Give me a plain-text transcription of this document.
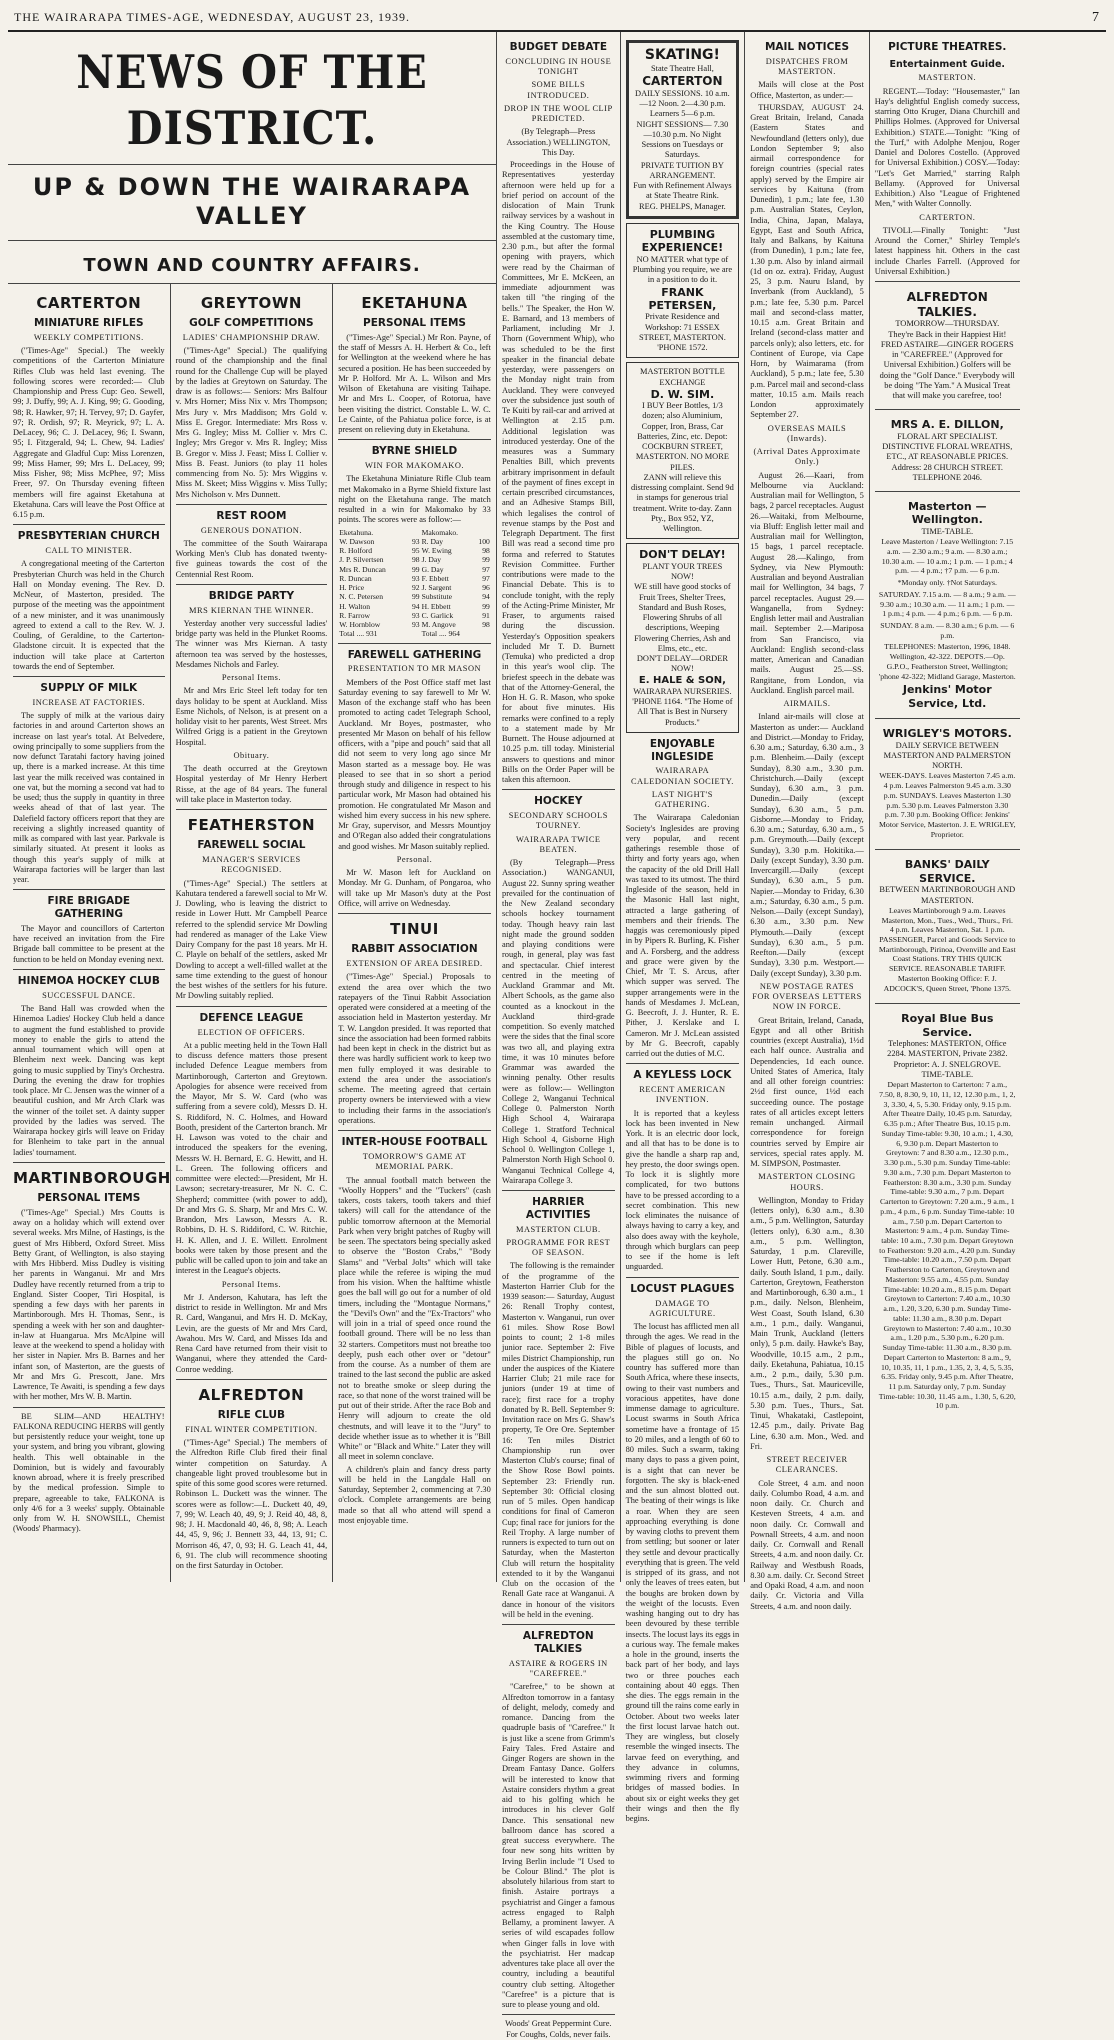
THE WAIRARAPA TIMES-AGE, WEDNESDAY, AUGUST 23, 1939.	7
NEWS OF THE DISTRICT.
UP & DOWN THE WAIRARAPA VALLEY
TOWN AND COUNTRY AFFAIRS.
CARTERTON
MINIATURE RIFLES
WEEKLY COMPETITIONS.

("Times-Age" Special.) The weekly competitions of the Carterton Miniature Rifles Club was held last evening. The following scores were recorded:— Club Championship and Press Cup: Geo. Sewell, 99; J. Duffy, 99; A. J. King, 99; G. Gooding, 98; R. Hawker, 97; H. Tervey, 97; D. Gayfer, 97; R. Ordish, 97; R. Meyrick, 97; L. A. DeLacey, 96; C. J. DeLacey, 96; I. Swann, 95; I. Fitzgerald, 94; L. Chew, 94. Ladies' Aggregate and Gladful Cup: Miss Lorenzen, 99; Miss Hamer, 99; Mrs L. DeLacey, 99; Miss Fisher, 98; Miss McPhee, 97; Miss Freer, 97. On Thursday evening fifteen members will fire against Eketahuna at Eketahuna. Cars will leave the Post Office at 6.15 p.m.

PRESBYTERIAN CHURCH
CALL TO MINISTER.

A congregational meeting of the Carterton Presbyterian Church was held in the Church Hall on Monday evening. The Rev. D. McNeur, of Masterton, presided. The purpose of the meeting was the appointment of a new minister, and it was unanimously agreed to extend a call to the Rev. W. J. Couling, of Geraldine, to the Carterton-Gladstone circuit. It is expected that the induction will take place at Carterton towards the end of September.

SUPPLY OF MILK
INCREASE AT FACTORIES.

The supply of milk at the various dairy factories in and around Carterton shows an increase on last year's total. At Belvedere, owing principally to some suppliers from the now defunct Taratahi factory having joined up, there is a marked increase. At this time last year the milk received was contained in one vat, but the morning a second vat had to be used; thus the supply in quantity in three weeks ahead of that of last year. The Dalefield factory officers report that they are receiving a slightly increased quantity of milk as compared with last year. Parkvale is similarly situated. At present it looks as though this year's supply of milk at Wairarapa factories will be larger than last year.

FIRE BRIGADE GATHERING

The Mayor and councillors of Carterton have received an invitation from the Fire Brigade ball committee to be present at the function to be held on Monday evening next.

HINEMOA HOCKEY CLUB
SUCCESSFUL DANCE.

The Band Hall was crowded when the Hinemoa Ladies' Hockey Club held a dance to augment the fund established to provide money to enable the girls to attend the annual tournament which will open at Blenheim next week. Dancing was kept going to music supplied by Tiny's Orchestra. During the evening the draw for trophies took place. Mr C. Jensen was the winner of a beautiful cushion, and Mr Arch Clark was the winner of the toilet set. A dainty supper provided by the ladies was served. The Wairarapa hockey girls will leave on Friday for Blenheim to take part in the annual ladies' tournament.

MARTINBOROUGH
PERSONAL ITEMS

("Times-Age" Special.) Mrs Coutts is away on a holiday which will extend over several weeks. Mrs Milne, of Hastings, is the guest of Mrs Hibberd, Oxford Street. Miss Betty Grant, of Wellington, is also staying with Mrs Hibberd. Miss Dudley is visiting her parents in Wanganui. Mr and Mrs Dudley have recently returned from a trip to England. Sister Cooper, Tiri Hospital, is spending a few days with her parents in Martinborough. Mrs H. Thomas, Senr., is spending a week with her son and daughter-in-law at Huangarua. Mrs McAlpine will leave at the weekend to spend a holiday with her sister in Napier. Mrs B. Barnes and her infant son, of Masterton, are the guests of Mr and Mrs G. Prescott, Jane. Mrs Lawrence, Te Awaiti, is spending a few days with her mother, Mrs W. B. Martin.

BE SLIM—AND HEALTHY! FALKONA REDUCING HERBS will gently but persistently reduce your weight, tone up your system, and bring you vibrant, glowing health. This well obtainable in the Dominion, but is widely and favourably known abroad, where it is freely prescribed by the medical profession. Simple to prepare, agreeable to take, FALKONA is only 4/6 for a 3 weeks' supply. Obtainable only from W. H. SNOWSILL, Chemist (Woods' Pharmacy).

GREYTOWN
GOLF COMPETITIONS
LADIES' CHAMPIONSHIP DRAW.

("Times-Age" Special.) The qualifying round of the championship and the final round for the Challenge Cup will be played by the ladies at Greytown on Saturday. The draw is as follows:— Seniors: Mrs Balfour v. Mrs Horner; Miss Nix v. Mrs Thompson; Mrs Jury v. Mrs Maddison; Mrs Gold v. Miss E. Gregor. Intermediate: Mrs Ross v. Mrs G. Ingley; Miss M. Collier v. Mrs C. Ingley; Mrs Gregor v. Mrs R. Ingley; Miss B. Gregor v. Miss J. Feast; Miss I. Collier v. Miss B. Feast. Juniors (to play 11 holes commencing from No. 5): Mrs Wiggins v. Miss M. Skeet; Miss Wiggins v. Miss Tully; Mrs Nicholson v. Mrs Dunnett.

REST ROOM
GENEROUS DONATION.

The committee of the South Wairarapa Working Men's Club has donated twenty-five guineas towards the cost of the Centennial Rest Room.

BRIDGE PARTY
MRS KIERNAN THE WINNER.

Yesterday another very successful ladies' bridge party was held in the Plunket Rooms. The winner was Mrs Kiernan. A tasty afternoon tea was served by the hostesses, Mesdames Nichols and Farley.

Personal Items.

Mr and Mrs Eric Steel left today for ten days holiday to be spent at Auckland. Miss Esme Nichols, of Nelson, is at present on a holiday visit to her parents, West Street. Mrs Wilfred Grigg is a patient in the Greytown Hospital.

Obituary.

The death occurred at the Greytown Hospital yesterday of Mr Henry Herbert Risse, at the age of 84 years. The funeral will take place in Masterton today.

FEATHERSTON
FAREWELL SOCIAL
MANAGER'S SERVICES RECOGNISED.

("Times-Age" Special.) The settlers at Kahutara tendered a farewell social to Mr W. J. Dowling, who is leaving the district to reside in Lower Hutt. Mr Campbell Pearce referred to the splendid service Mr Dowling had rendered as manager of the Lake View Dairy Company for the past 18 years. Mr H. C. Playle on behalf of the settlers, asked Mr Dowling to accept a well-filled wallet at the same time extending to the guest of honour the best wishes of the settlers for his future. Mr Dowling suitably replied.

DEFENCE LEAGUE
ELECTION OF OFFICERS.

At a public meeting held in the Town Hall to discuss defence matters those present included Defence League members from Martinborough, Carterton and Greytown. Apologies for absence were received from the Mayor, Mr S. W. Card (who was suffering from a severe cold), Messrs D. H. S. Riddiford, N. C. Holmes, and Howard Booth, president of the Carterton branch. Mr H. Lawson was voted to the chair and introduced the speakers for the evening, Messrs W. H. Bernard, E. G. Hewitt, and H. L. Green. The following officers and committee were elected:—President, Mr H. Lawson; secretary-treasurer, Mr N. C. C. Shepherd; committee (with power to add), Dr and Mrs G. S. Sharp, Mr and Mrs C. W. Brandon, Mrs Lawson, Messrs A. R. Robbins, D. H. S. Riddiford, C. W. Ritchie, H. K. Allen, and J. E. Willett. Enrolment books were taken by those present and the public will be called upon to join and take an interest in the League's objects.

Personal Items.

Mr J. Anderson, Kahutara, has left the district to reside in Wellington. Mr and Mrs R. Card, Wanganui, and Mrs H. D. McKay, Levin, are the guests of Mr and Mrs Card, Awahou. Mrs W. Card, and Misses Ida and Rena Card have returned from their visit to Wanganui, where they attended the Card-Conroe wedding.

ALFREDTON
RIFLE CLUB
FINAL WINTER COMPETITION.

("Times-Age" Special.) The members of the Alfredton Rifle Club fired their final winter competition on Saturday. A changeable light proved troublesome but in spite of this some good scores were returned. Robinson L. Duckett was the winner. The scores were as follow:—L. Duckett 40, 49, 7, 99; W. Leach 40, 49, 9; J. Reid 40, 48, 8, 98; J. H. Macdonald 40, 46, 8, 98; A. Leach 44, 45, 9, 96; J. Bennett 33, 44, 13, 91; C. Morrison 46, 47, 0, 93; H. G. Leach 41, 44, 6, 91. The club will recommence shooting on the first Saturday in October.

EKETAHUNA
PERSONAL ITEMS

("Times-Age" Special.) Mr Ron. Payne, of the staff of Messrs A. H. Herbert & Co., left for Wellington at the weekend where he has secured a position. He has been succeeded by Mr P. Holford. Mr A. L. Wilson and Mrs Wilson of Eketahuna are visiting Taihape. Mr and Mrs L. Cooper, of Rotorua, have been visiting the district. Constable L. W. C. Le Cainte, of the Pahiatua police force, is at present on relieving duty in Eketahuna.

BYRNE SHIELD
WIN FOR MAKOMAKO.

The Eketahuna Miniature Rifle Club team met Makomako in a Byrne Shield fixture last night on the Eketahuna range. The match resulted in a win for Makomako by 33 points. The scores were as follow:—

Eketahuna.		Makomako.	
W. Dawson	93	R. Day	100
R. Holford	95	W. Ewing	98
J. P. Silvertsen	98	J. Day	99
Mrs R. Duncan	99	G. Day	97
R. Duncan	93	F. Ebbett	97
H. Price	92	J. Sargent	96
N. C. Petersen	99	Substitute	94
H. Walton	94	H. Ebbett	99
R. Farrow	93	C. Garlick	91
W. Hornblow	93	M. Angove	98
Total .... 931		Total .... 964	
FAREWELL GATHERING
PRESENTATION TO MR MASON

Members of the Post Office staff met last Saturday evening to say farewell to Mr W. Mason of the exchange staff who has been promoted to acting cadet Telegraph School, Auckland. Mr Boyes, postmaster, who presented Mr Mason on behalf of his fellow officers, with a "pipe and pouch" said that all did not seem to very long ago since Mr Mason started as a message boy. He was pleased to see that in so short a period through study and diligence in respect to his particular work, Mr Mason had obtained his promotion. He congratulated Mr Mason and wished him every success in his new sphere. Mr Gray, supervisor, and Messrs Mountjoy and O'Regan also added their congratulations and good wishes. Mr Mason suitably replied.

Personal.

Mr W. Mason left for Auckland on Monday. Mr G. Dunham, of Pongaroa, who will take up Mr Mason's duty at the Post Office, will arrive on Wednesday.

TINUI
RABBIT ASSOCIATION
EXTENSION OF AREA DESIRED.

("Times-Age" Special.) Proposals to extend the area over which the two ratepayers of the Tinui Rabbit Association operated were considered at a meeting of the association held in Masterton yesterday. Mr T. W. Langdon presided. It was reported that since the association had been formed rabbits had been kept in check in the district but as there was hardly sufficient work to keep two men fully employed it was desirable to extend the area under the association's scheme. The meeting agreed that certain property owners be interviewed with a view to including their farms in the association's operations.

INTER-HOUSE FOOTBALL
TOMORROW'S GAME AT MEMORIAL PARK.

The annual football match between the "Woolly Hoppers" and the "Tuckers" (cash takers, costs takers, tooth takers and thief takers) will call for the attendance of the public tomorrow afternoon at the Memorial Park when very bright patches of Rugby will be seen. The spectators being specially asked to observe the "Boston Crabs," "Body Slams" and "Verbal Jolts" which will take place while the referee is wiping the mud from his vision. When the halftime whistle goes the ball will go out for a number of old timers, including the "Montague Normans," the "Devil's Own" and the "Ex-Tractors" who will join in a trial of speed once round the football ground. There will be no less than 32 starters. Competitors must not breathe too deeply, push each other over or "detour" from the course. As a number of them are trained to the last second the public are asked not to breathe smoke or sleep during the race, so that none of the worst trained will be put out of their stride. After the race Bob and Henry will adjourn to create the old chestnuts, and will leave it to the "Jury" to decide whether issue as to whether it is "Bill White" or "Black and White." Later they will all meet in solemn conclave.

A children's plain and fancy dress party will be held in the Langdale Hall on Saturday, September 2, commencing at 7.30 o'clock. Complete arrangements are being made so that all who attend will spend a most enjoyable time.

BUDGET DEBATE
CONCLUDING IN HOUSE TONIGHT
SOME BILLS INTRODUCED.
DROP IN THE WOOL CLIP PREDICTED.

(By Telegraph—Press Association.) WELLINGTON, This Day.

Proceedings in the House of Representatives yesterday afternoon were held up for a brief period on account of the dislocation of Main Trunk railway services by a washout in the King Country. The House assembled at the customary time, 2.30 p.m., but after the formal opening with prayers, which were read by the Chairman of Committees, Mr E. McKeen, an immediate adjournment was taken till "the ringing of the bells." The Speaker, the Hon W. E. Barnard, and 13 members of Parliament, including Mr J. Thorn (Government Whip), who was scheduled to be the first speaker in the financial debate yesterday, were passengers on the Monday night train from Auckland. They were conveyed over the subsidence just south of Te Kuiti by rail-car and arrived at Wellington at 2.15 p.m. Additional legislation was introduced yesterday. One of the measures was a Summary Penalties Bill, which prevents arbitrary imprisonment in default of the payment of fines except in certain prescribed circumstances, and an Adhesive Stamps Bill, which legalises the control of revenue stamps by the Post and Telegraph Department. The first Bill was read a second time pro forma and referred to Statutes Revision Committee. Further contributions were made to the Financial Debate. This is to conclude tonight, with the reply of the Acting-Prime Minister, Mr Fraser, to arguments raised during the discussion. Yesterday's Opposition speakers included Mr T. D. Burnett (Temuka) who predicted a drop in this year's wool clip. The briefest speech in the debate was that of the Attorney-General, the Hon H. G. R. Mason, who spoke for about five minutes. His remarks were confined to a reply to a statement made by Mr Burnett. The House adjourned at 10.25 p.m. till today. Ministerial answers to questions and minor Bills on the Order Paper will be taken this afternoon.

HOCKEY
SECONDARY SCHOOLS TOURNEY.
WAIRARAPA TWICE BEATEN.

(By Telegraph—Press Association.) WANGANUI, August 22. Sunny spring weather prevailed for the continuation of the New Zealand secondary schools hockey tournament today. Though heavy rain last night made the ground sodden and playing conditions were rough, in general, play was fast and spectacular. Chief interest centred in the meeting of Auckland Grammar and Mt. Albert Schools, as the game also counted as a knockout in the Auckland third-grade competition. So evenly matched were the sides that the final score was two all, and playing extra time, it was 10 minutes before Grammar was awarded the winning penalty. Other results were as follow:— Wellington College 2, Wanganui Technical College 0. Palmerston North High School 4, Wairarapa College 1. Stratford Technical High School 4, Gisborne High School 0. Wellington College 1, Palmerston North High School 0. Wanganui Technical College 4, Wairarapa College 3.

HARRIER ACTIVITIES
MASTERTON CLUB.
PROGRAMME FOR REST OF SEASON.

The following is the remainder of the programme of the Masterton Harrier Club for the 1939 season:— Saturday, August 26: Renall Trophy contest, Masterton v. Wanganui, run over 61 miles. Show Rose Bowl points to count; 2 1-8 miles junior race. September 2: Five miles District Championship, run under the auspices of the Kiatere Harrier Club; 21 mile race for juniors (under 19 at time of race); first race for a trophy donated by R. Bell. September 9: Invitation race on Mrs G. Shaw's property, Te Ore Ore. September 16: Ten miles District Championship run over Masterton Club's course; final of the Show Rose Bowl points. September 23: Friendly run. September 30: Official closing run of 5 miles. Open handicap conditions for final of Cameron Cup; final race for juniors for the Reil Trophy. A large number of runners is expected to turn out on Saturday, when the Masterton Club will return the hospitality extended to it by the Wanganui Club on the occasion of the Renall Gate race at Wanganui. A dance in honour of the visitors will be held in the evening.

ALFREDTON TALKIES
ASTAIRE & ROGERS IN "CAREFREE."

"Carefree," to be shown at Alfredton tomorrow in a fantasy of delight, melody, comedy and romance. Dancing from the quadruple basis of "Carefree." It is just like a scene from Grimm's Fairy Tales. Fred Astaire and Ginger Rogers are shown in the Dream Fantasy Dance. Golfers will be interested to know that Astaire considers rhythm a great aid to his golfing which he introduces in his clever Golf Dance. This sensational new ballroom dance has scored a great success everywhere. The four new song hits written by Irving Berlin include "I Used to be Colour Blind." The plot is absolutely hilarious from start to finish. Astaire portrays a psychiatrist and Ginger a famous actress engaged to Ralph Bellamy, a prominent lawyer. A series of wild escapades follow when Ginger falls in love with the psychiatrist. Her madcap adventures take place all over the country, including a beautiful country club setting. Altogether "Carefree" is a picture that is sure to please young and old.

Woods' Great Peppermint Cure. For Coughs, Colds, never fails.

SKATING!
State Theatre Hall,
CARTERTON
DAILY SESSIONS. 10 a.m.—12 Noon. 2—4.30 p.m. Learners 5—6 p.m.
NIGHT SESSIONS— 7.30—10.30 p.m. No Night Sessions on Tuesdays or Saturdays.
PRIVATE TUITION BY ARRANGEMENT.
Fun with Refinement Always at State Theatre Rink.
REG. PHELPS, Manager.
PLUMBING EXPERIENCE!
NO MATTER what type of Plumbing you require, we are in a position to do it.
FRANK PETERSEN,
Private Residence and Workshop: 71 ESSEX STREET, MASTERTON. 'PHONE 1572.
MASTERTON BOTTLE EXCHANGE
D. W. SIM.
I BUY Beer Bottles, 1/3 dozen; also Aluminium, Copper, Iron, Brass, Car Batteries, Zinc, etc. Depot: COCKBURN STREET, MASTERTON. NO MORE PILES.
ZANN will relieve this distressing complaint. Send 9d in stamps for generous trial treatment. Write to-day. Zann Pty., Box 952, YZ, Wellington.
DON'T DELAY!
PLANT YOUR TREES NOW!
WE still have good stocks of Fruit Trees, Shelter Trees, Standard and Bush Roses, Flowering Shrubs of all descriptions, Weeping Flowering Cherries, Ash and Elms, etc., etc.
DON'T DELAY—ORDER NOW!
E. HALE & SON,
WAIRARAPA NURSERIES. 'PHONE 1164. "The Home of All That is Best in Nursery Products."
ENJOYABLE INGLESIDE
WAIRARAPA CALEDONIAN SOCIETY.
LAST NIGHT'S GATHERING.

The Wairarapa Caledonian Society's Inglesides are proving very popular, and recent gatherings resemble those of thirty and forty years ago, when the capacity of the old Drill Hall was taxed to its utmost. The third Ingleside of the season, held in the Masonic Hall last night, attracted a large gathering of members and their friends. The haggis was ceremoniously piped in by Pipers R. Burling, K. Fisher and A. Forsberg, and the address and grace were given by the Chief, Mr T. S. Arcus, after which supper was served. The supper arrangements were in the hands of Mesdames J. McLean, G. Beecroft, J. J. Hunter, R. E. Pither, J. Kerslake and I. Cameron. Mr J. McLean assisted by Mr G. Beecroft, capably carried out the duties of M.C.

A KEYLESS LOCK
RECENT AMERICAN INVENTION.

It is reported that a keyless lock has been invented in New York. It is an electric door lock, and all that has to be done is to give the handle a sharp rap and, hey presto, the door swings open. To lock it is slightly more complicated, for two buttons have to be pressed according to a secret combination. This new lock eliminates the nuisance of always having to carry a key, and also does away with the keyhole, through which burglars can peep to see if the home is left unguarded.

LOCUST PLAGUES
DAMAGE TO AGRICULTURE.

The locust has afflicted men all through the ages. We read in the Bible of plagues of locusts, and the plagues still go on. No country has suffered more than South Africa, where these insects, owing to their vast numbers and voracious appetites, have done immense damage to agriculture. Locust swarms in South Africa sometime have a frontage of 15 to 20 miles, and a length of 60 to 80 miles. Such a swarm, taking many days to pass a given point, is a sight that can never be forgotten. The sky is black-ened and the sun almost blotted out. The beating of their wings is like a roar. When they are seen approaching everything is done by waving cloths to prevent them from settling; but sooner or later they settle and devour practically everything that is green. The veld is stripped of its grass, and not only the leaves of trees eaten, but the boughs are broken down by the weight of the locusts. Even washing hanging out to dry has been devoured by these terrible insects. The locust lays its eggs in a curious way. The female makes a hole in the ground, inserts the back part of her body, and lays two or three pouches each containing about 40 eggs. Then she dies. The eggs remain in the ground till the rains come early in October. About two weeks later the first locust larvae hatch out. They are wingless, but closely resemble the winged insects. The larvae feed on everything, and they advance in columns, swimming rivers and forming bridges of massed bodies. In about six or eight weeks they get their wings and then the fly begins.

MAIL NOTICES
DISPATCHES FROM MASTERTON.

Mails will close at the Post Office, Masterton, as under:—

THURSDAY, AUGUST 24. Great Britain, Ireland, Canada (Eastern States and Newfoundland (letters only), due London September 9; also airmail correspondence for foreign countries (special rates apply) served by the Empire air services by Kaituna (from Dunedin), 1 p.m.; late fee, 1.30 p.m. Australian States, Ceylon, India, China, Japan, Malaya, Egypt, East and South Africa, Italy and Balkans, by Kaituna (from Dunedin), 1 p.m.; late fee, 1.30 p.m. Also by inland airmail (1d on oz. extra). Friday, August 25, 3 p.m. Nauru Island, by Inverbank (from Auckland), 5 p.m.; late fee, 5.30 p.m. Parcel mail and second-class matter, 10.15 a.m. Great Britain and Ireland (second-class matter and parcels only); also letters, etc. for Continent of Europe, via Cape Horn, by Waimarama (from Auckland), 5 p.m.; late fee, 5.30 p.m. Parcel mail and second-class matter, 10.15 a.m. Mails reach London approximately September 27.

OVERSEAS MAILS (Inwards).
(Arrival Dates Approximate Only.)

August 26.—Kaari, from Melbourne via Auckland: Australian mail for Wellington, 5 bags, 2 parcel receptacles. August 26.—Waitaki, from Melbourne, via Bluff: English letter mail and Australian mail for Wellington, 15 bags, 1 parcel receptacle. August 28.—Kalingo, from Sydney, via New Plymouth: Australian and beyond Australian mail for Wellington, 34 bags, 7 parcel receptacles. August 29.—Wanganella, from Sydney: English letter mail and Australian mail. September 2.—Mariposa from San Francisco, via Auckland: English second-class matter, American and Canadian mails. August 25.—SS. Rangitane, from London, via Auckland. English parcel mail.

AIRMAILS.

Inland air-mails will close at Masterton as under:— Auckland and District.—Monday to Friday, 6.30 a.m.; Saturday, 6.30 a.m., 3 p.m. Blenheim.—Daily (except Sunday), 8.30 a.m., 3.30 p.m. Christchurch.—Daily (except Sunday), 6.30 a.m., 3 p.m. Dunedin.—Daily (except Sunday), 6.30 a.m., 5 p.m. Gisborne.—Monday to Friday, 6.30 a.m.; Saturday, 6.30 a.m., 5 p.m. Greymouth.—Daily (except Sunday), 3.30 p.m. Hokitika.—Daily (except Sunday), 3.30 p.m. Invercargill.—Daily (except Sunday), 6.30 a.m., 5 p.m. Napier.—Monday to Friday, 6.30 a.m.; Saturday, 6.30 a.m., 5 p.m. Nelson.—Daily (except Sunday), 6.30 a.m., 3.30 p.m. New Plymouth.—Daily (except Sunday), 6.30 a.m., 5 p.m. Reefton.—Daily (except Sunday), 3.30 p.m. Westport.—Daily (except Sunday), 3.30 p.m.

NEW POSTAGE RATES FOR OVERSEAS LETTERS NOW IN FORCE.

Great Britain, Ireland, Canada, Egypt and all other British countries (except Australia), 1½d each half ounce. Australia and Dependencies, 1d each ounce. United States of America, Italy and all other foreign countries: 2½d first ounce, 1½d each succeeding ounce. The postage rates of all articles except letters remain unchanged. Airmail correspondence for foreign countries served by Empire air services, special rates apply. M. M. SIMPSON, Postmaster.

MASTERTON CLOSING HOURS.

Wellington, Monday to Friday (letters only), 6.30 a.m., 8.30 a.m., 5 p.m. Wellington, Saturday (letters only), 6.30 a.m., 8.30 a.m., 5 p.m. Wellington, Saturday, 1 p.m. Clareville, Lower Hutt, Petone, 6.30 a.m., daily. South Island, 1 p.m., daily. Carterton, Greytown, Featherston and Martinborough, 6.30 a.m., 1 p.m., daily. Nelson, Blenheim, West Coast, South Island, 6.30 a.m., 1 p.m., daily. Wanganui, Main Trunk, Auckland (letters only), 5 p.m. daily. Hawke's Bay, Woodville, 10.15 a.m., 2 p.m., daily. Eketahuna, Pahiatua, 10.15 a.m., 2 p.m., daily, 5.30 p.m. Tues., Thurs., Sat. Mauriceville, 10.15 a.m., daily, 2 p.m. daily, 5.30 p.m. Tues., Thurs., Sat. Tinui, Whakataki, Castlepoint, 12.45 p.m., daily. Private Bag Line, 6.30 a.m. Mon., Wed. and Fri.

STREET RECEIVER CLEARANCES.

Cole Street, 4 a.m. and noon daily. Columbo Road, 4 a.m. and noon daily. Cr. Church and Kesteven Streets, 4 a.m. and noon daily. Cr. Cornwall and Pownall Streets, 4 a.m. and noon daily. Cr. Cornwall and Renall Streets, 4 a.m. and noon daily. Cr. Railway and Westbush Roads, 8.30 a.m. daily. Cr. Second Street and Opaki Road, 4 a.m. and noon daily. Cr. Victoria and Villa Streets, 4 a.m. and noon daily.

PICTURE THEATRES.
Entertainment Guide.
MASTERTON.

REGENT.—Today: "Housemaster," Ian Hay's delightful English comedy success, starring Otto Kruger, Diana Churchill and Phillips Holmes. (Approved for Universal Exhibition.) STATE.—Tonight: "King of the Turf," with Adolphe Menjou, Roger Daniel and Dolores Costello. (Approved for Universal Exhibition.) COSY.—Today: "Let's Get Married," starring Ralph Bellamy. (Approved for Universal Exhibition.) Also "League of Frightened Men," with Walter Connolly.

CARTERTON.

TIVOLI.—Finally Tonight: "Just Around the Corner," Shirley Temple's latest happiness hit. Others in the cast include Charles Farrell. (Approved for Universal Exhibition.)

ALFREDTON TALKIES.
TOMORROW—THURSDAY.
They're Back in their Happiest Hit! FRED ASTAIRE—GINGER ROGERS in "CAREFREE." (Approved for Universal Exhibition.) Golfers will be doing the "Golf Dance." Everybody will be doing "The Yam." A Musical Treat that will make you carefree, too!
MRS A. E. DILLON,
FLORAL ART SPECIALIST.
DISTINCTIVE FLORAL WREATHS, ETC., AT REASONABLE PRICES. Address: 28 CHURCH STREET. TELEPHONE 2046.
Masterton —Wellington.
TIME-TABLE.

Leave Masterton / Leave Wellington: 7.15 a.m. — 2.30 a.m.; 9 a.m. — 8.30 a.m.; 10.30 a.m. — 10 a.m.; 1 p.m. — 1 p.m.; 4 p.m. — 4 p.m.; †7 p.m. — 6 p.m.

*Monday only. †Not Saturdays.

SATURDAY. 7.15 a.m. — 8 a.m.; 9 a.m. — 9.30 a.m.; 10.30 a.m. — 11 a.m.; 1 p.m. — 1 p.m.; 4 p.m. — 4 p.m.; 6 p.m. — 6 p.m.

SUNDAY. 8 a.m. — 8.30 a.m.; 6 p.m. — 6 p.m.

TELEPHONES: Masterton, 1996, 1848. Wellington, 42-322. DEPOTS.—Op. G.P.O., Featherston Street, Wellington; 'phone 42-322; Midland Garage, Masterton.

Jenkins' Motor Service, Ltd.
WRIGLEY'S MOTORS.
DAILY SERVICE BETWEEN MASTERTON AND PALMERSTON NORTH.

WEEK-DAYS. Leaves Masterton 7.45 a.m. 4 p.m. Leaves Palmerston 9.45 a.m. 3.30 p.m. SUNDAYS. Leaves Masterton 1.30 p.m. 5.30 p.m. Leaves Palmerston 3.30 p.m. 7.30 p.m. Booking Office: Jenkins' Motor Service, Masterton. J. E. WRIGLEY, Proprietor.

BANKS' DAILY SERVICE.
BETWEEN MARTINBOROUGH AND MASTERTON.

Leaves Martinborough 9 a.m. Leaves Masterton, Mon., Tues., Wed., Thurs., Fri. 4 p.m. Leaves Masterton, Sat. 1 p.m. PASSENGER, Parcel and Goods Service to Martinborough, Pirinoa, Ovenville and East Coast Stations. TRY THIS QUICK SERVICE. REASONABLE TARIFF. Masterton Booking Office: F. J. ADCOCK'S, Queen Street, 'Phone 1375.

Royal Blue Bus Service.
Telephones: MASTERTON, Office 2284. MASTERTON, Private 2382. Proprietor: A. J. SNELGROVE.
TIME-TABLE.

Depart Masterton to Carterton: 7 a.m., 7.50, 8, 8.30, 9, 10, 11, 12, 12.30 p.m., 1, 2, 3, 3.30, 4, 5, 5.30. Friday only, 9.15 p.m. After Theatre Daily, 10.45 p.m. Saturday, 6.35 p.m.; After Theatre Bus, 10.15 p.m. Sunday Time-table: 9.30, 10 a.m.; 1, 4.30, 6, 9.30 p.m. Depart Masterton to Greytown: 7 and 8.30 a.m., 12.30 p.m., 3.30 p.m., 5.30 p.m. Sunday Time-table: 9.30 a.m., 7.30 p.m. Depart Masterton to Featherston: 8.30 a.m., 3.30 p.m. Sunday Time-table: 9.30 a.m., 7 p.m. Depart Carterton to Greytown: 7.20 a.m., 9 a.m., 1 p.m., 4 p.m., 6 p.m. Sunday Time-table: 10 a.m., 7.50 p.m. Depart Carterton to Masterton: 9 a.m., 4 p.m. Sunday Time-table: 10 a.m., 7.30 p.m. Depart Greytown to Featherston: 9.20 a.m., 4.20 p.m. Sunday Time-table: 10.20 a.m., 7.50 p.m. Depart Featherston to Carterton, Greytown and Masterton: 9.55 a.m., 4.55 p.m. Sunday Time-table: 10.20 a.m., 8.15 p.m. Depart Greytown to Carterton: 7.40 a.m., 10.30 a.m., 1.20, 3.20, 6.30 p.m. Sunday Time-table: 11.30 a.m., 8.30 p.m. Depart Greytown to Masterton: 7.40 a.m., 10.30 a.m., 1.20 p.m., 5.30 p.m., 6.20 p.m. Sunday Time-table: 11.30 a.m., 8.30 p.m. Depart Carterton to Masterton: 8 a.m., 9, 10, 10.35, 11, 1 p.m., 1.35, 2, 3, 4, 5, 5.35, 6.35. Friday only, 9.45 p.m. After Theatre, 11 p.m. Saturday only, 7 p.m. Sunday Time-table: 10.30, 11.45 a.m., 1.30, 5, 6.20, 10 p.m.
